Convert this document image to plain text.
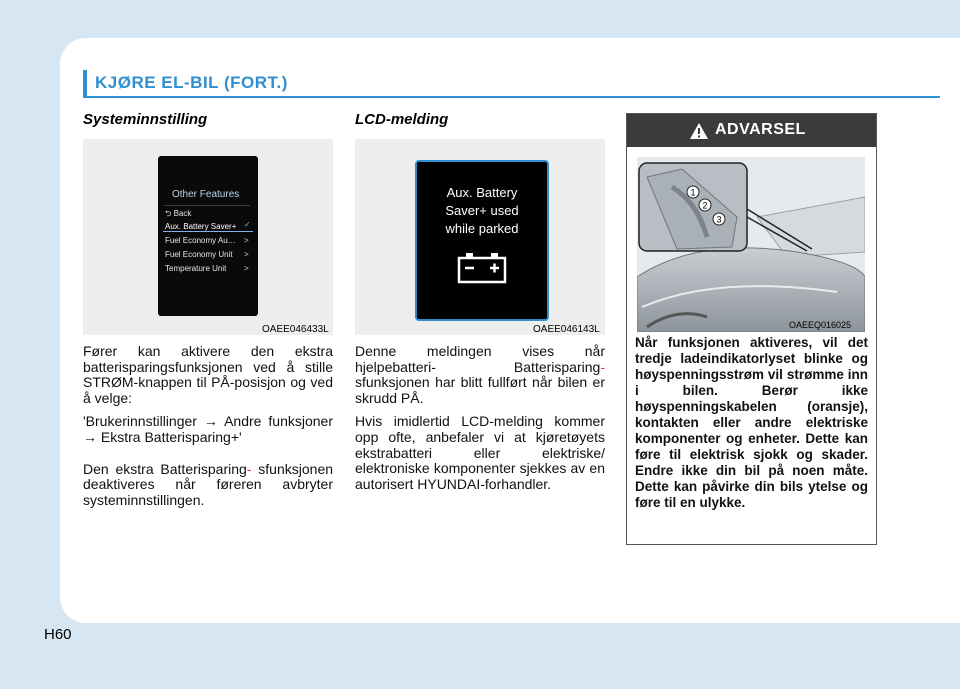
KJØRE EL-BIL (FORT.)
Systeminnstilling
Other Features
⮌ Back
Aux. Battery Saver+ ✓
Fuel Economy Au… >
Fuel Economy Unit >
Temperature Unit >
OAEE046433L

Fører kan aktivere den ekstra batterisparingsfunksjonen ved å stille STRØM-knappen til PÅ-posisjon og ved å velge:

'Brukerinnstillinger → Andre funksjoner → Ekstra Batterisparing+'

Den ekstra Batterisparing- sfunksjonen deaktiveres når føreren avbryter systeminnstillingen.

LCD-melding
Aux. Battery
Saver+ used
while parked
OAEE046143L

Denne meldingen vises når hjelpebatteri- Batterisparing- sfunksjonen har blitt fullført når bilen er skrudd PÅ.

Hvis imidlertid LCD-melding kommer opp ofte, anbefaler vi at kjøretøyets ekstrabatteri eller elektriske/ elektroniske komponenter sjekkes av en autorisert HYUNDAI-forhandler.

ADVARSEL
1
2
3
OAEEQ016025
Når funksjonen aktiveres, vil det tredje ladeindikatorlyset blinke og høyspenningsstrøm vil strømme inn i bilen. Berør ikke høyspenningskabelen (oransje), kontakten eller andre elektriske komponenter og enheter. Dette kan føre til elektrisk sjokk og skader. Endre ikke din bil på noen måte. Dette kan påvirke din bils ytelse og føre til en ulykke.
H60
